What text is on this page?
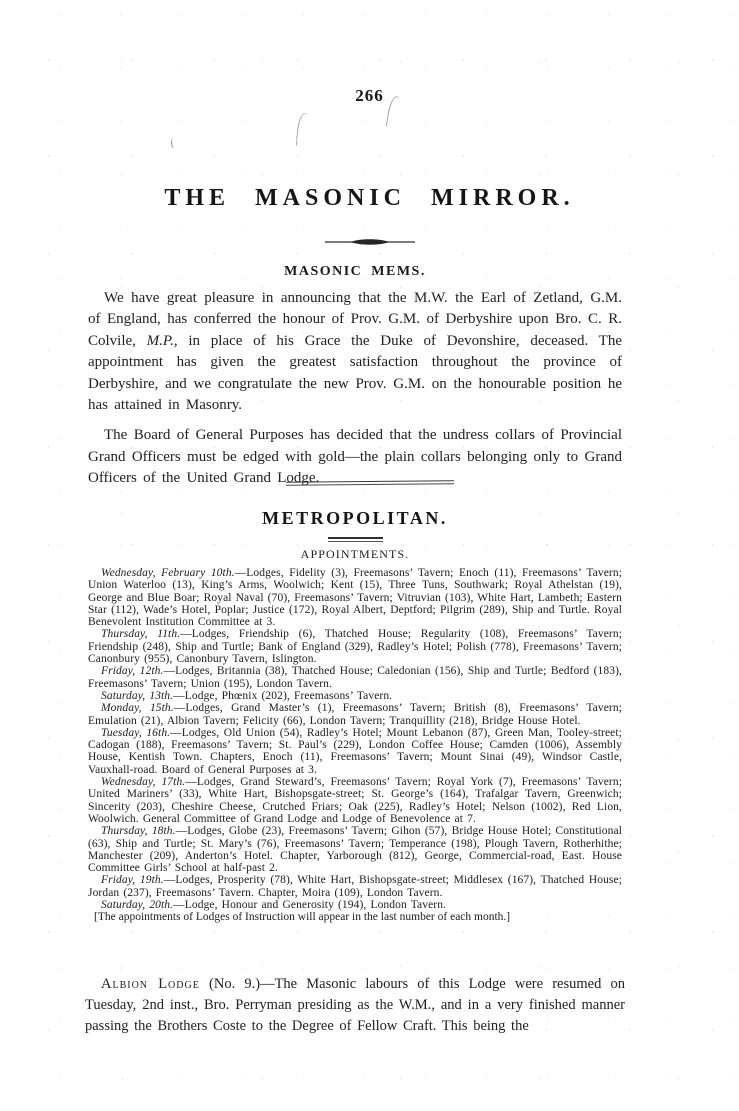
266
THE MASONIC MIRROR.
MASONIC MEMS.

We have great pleasure in announcing that the M.W. the Earl of Zetland, G.M. of England, has conferred the honour of Prov. G.M. of Derbyshire upon Bro. C. R. Colvile, M.P., in place of his Grace the Duke of Devonshire, deceased. The appointment has given the greatest satisfaction throughout the province of Derbyshire, and we congratulate the new Prov. G.M. on the honourable position he has attained in Masonry.

The Board of General Purposes has decided that the undress collars of Provincial Grand Officers must be edged with gold—the plain collars belonging only to Grand Officers of the United Grand Lodge.

METROPOLITAN.
APPOINTMENTS.

Wednesday, February 10th.—Lodges, Fidelity (3), Freemasons’ Tavern; Enoch (11), Freemasons’ Tavern; Union Waterloo (13), King’s Arms, Woolwich; Kent (15), Three Tuns, Southwark; Royal Athelstan (19), George and Blue Boar; Royal Naval (70), Freemasons’ Tavern; Vitruvian (103), White Hart, Lambeth; Eastern Star (112), Wade’s Hotel, Poplar; Justice (172), Royal Albert, Deptford; Pilgrim (289), Ship and Turtle. Royal Benevolent Institution Committee at 3.

Thursday, 11th.—Lodges, Friendship (6), Thatched House; Regularity (108), Freemasons’ Tavern; Friendship (248), Ship and Turtle; Bank of England (329), Radley’s Hotel; Polish (778), Freemasons’ Tavern; Canonbury (955), Canonbury Tavern, Islington.

Friday, 12th.—Lodges, Britannia (38), Thatched House; Caledonian (156), Ship and Turtle; Bedford (183), Freemasons’ Tavern; Union (195), London Tavern.

Saturday, 13th.—Lodge, Phœnix (202), Freemasons’ Tavern.

Monday, 15th.—Lodges, Grand Master’s (1), Freemasons’ Tavern; British (8), Freemasons’ Tavern; Emulation (21), Albion Tavern; Felicity (66), London Tavern; Tranquillity (218), Bridge House Hotel.

Tuesday, 16th.—Lodges, Old Union (54), Radley’s Hotel; Mount Lebanon (87), Green Man, Tooley-street; Cadogan (188), Freemasons’ Tavern; St. Paul’s (229), London Coffee House; Camden (1006), Assembly House, Kentish Town. Chapters, Enoch (11), Freemasons’ Tavern; Mount Sinai (49), Windsor Castle, Vauxhall-road. Board of General Purposes at 3.

Wednesday, 17th.—Lodges, Grand Steward’s, Freemasons’ Tavern; Royal York (7), Freemasons’ Tavern; United Mariners’ (33), White Hart, Bishopsgate-street; St. George’s (164), Trafalgar Tavern, Greenwich; Sincerity (203), Cheshire Cheese, Crutched Friars; Oak (225), Radley’s Hotel; Nelson (1002), Red Lion, Woolwich. General Committee of Grand Lodge and Lodge of Benevolence at 7.

Thursday, 18th.—Lodges, Globe (23), Freemasons’ Tavern; Gihon (57), Bridge House Hotel; Constitutional (63), Ship and Turtle; St. Mary’s (76), Freemasons’ Tavern; Temperance (198), Plough Tavern, Rotherhithe; Manchester (209), Anderton’s Hotel. Chapter, Yarborough (812), George, Commercial-road, East. House Committee Girls’ School at half-past 2.

Friday, 19th.—Lodges, Prosperity (78), White Hart, Bishopsgate-street; Middlesex (167), Thatched House; Jordan (237), Freemasons’ Tavern. Chapter, Moira (109), London Tavern.

Saturday, 20th.—Lodge, Honour and Generosity (194), London Tavern.

[The appointments of Lodges of Instruction will appear in the last number of each month.]

Albion Lodge (No. 9.)—The Masonic labours of this Lodge were resumed on Tuesday, 2nd inst., Bro. Perryman presiding as the W.M., and in a very finished manner passing the Brothers Coste to the Degree of Fellow Craft. This being the
